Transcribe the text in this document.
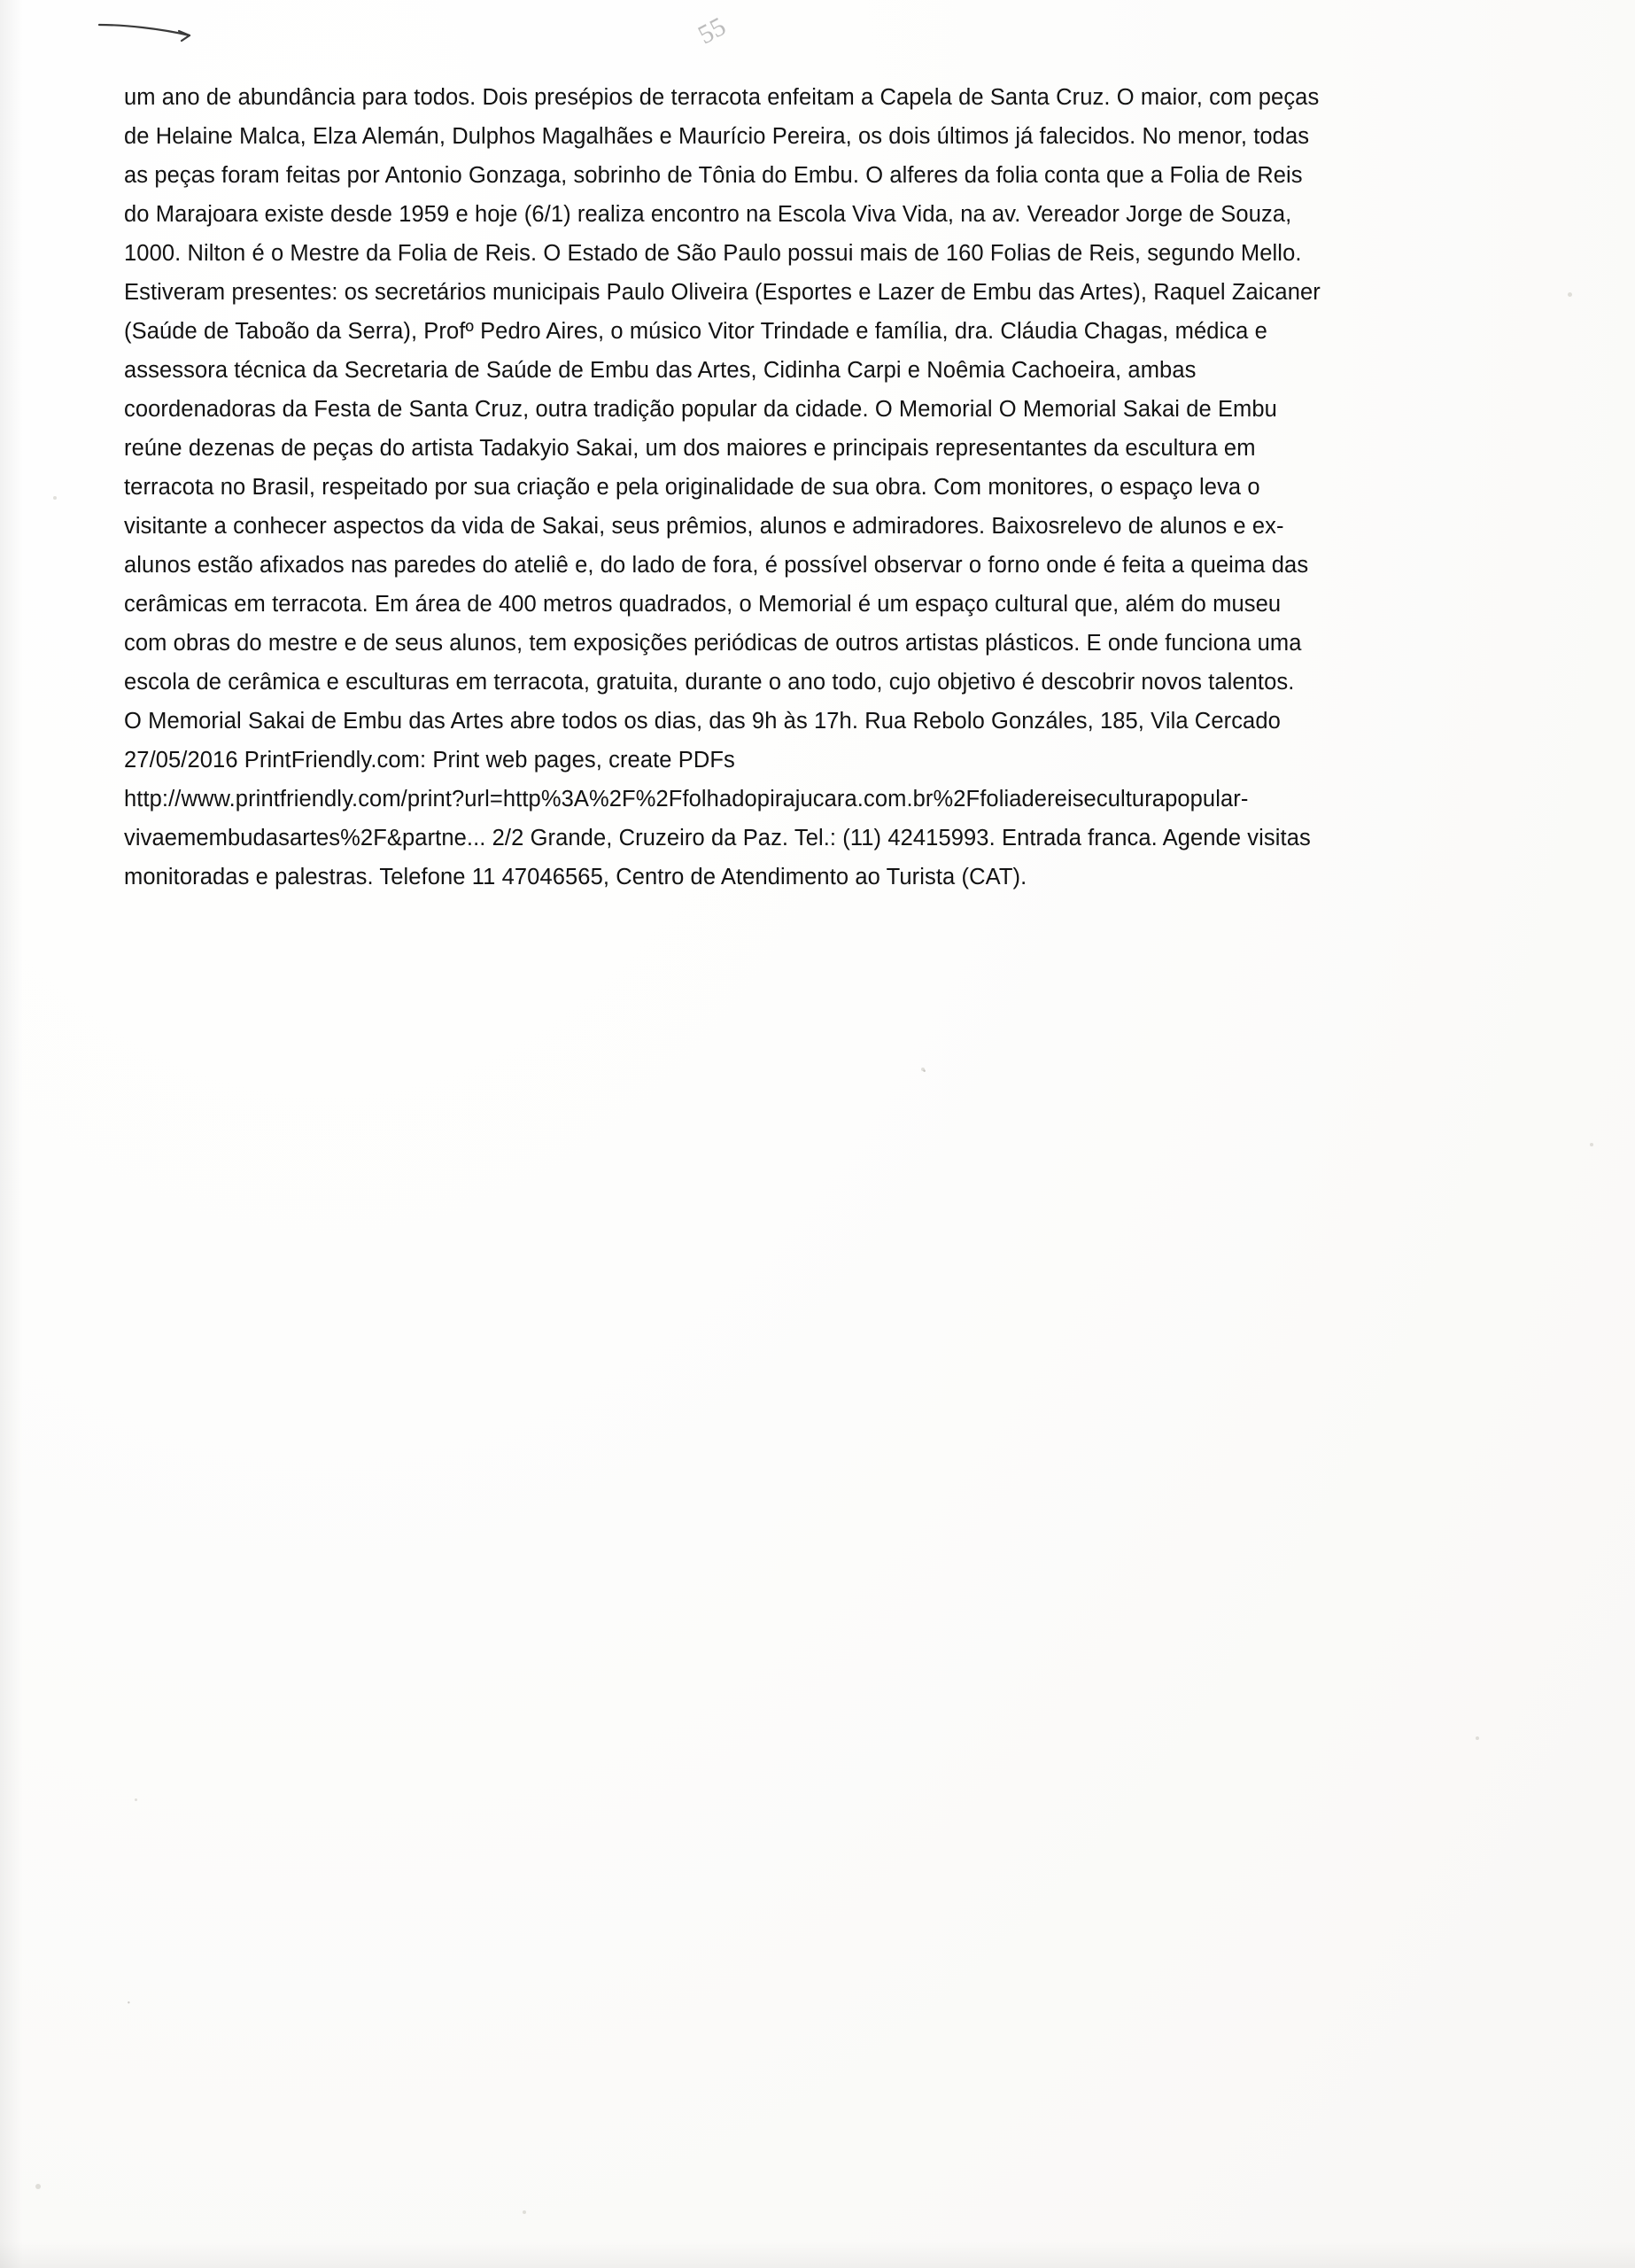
55

um ano de abundância para todos. Dois presépios de terracota enfeitam a Capela de Santa Cruz. O maior, com peças
de Helaine Malca, Elza Alemán, Dulphos Magalhães e Maurício Pereira, os dois últimos já falecidos. No menor, todas
as peças foram feitas por Antonio Gonzaga, sobrinho de Tônia do Embu. O alferes da folia conta que a Folia de Reis
do Marajoara existe desde 1959 e hoje (6/1) realiza encontro na Escola Viva Vida, na av. Vereador Jorge de Souza,
1000. Nilton é o Mestre da Folia de Reis. O Estado de São Paulo possui mais de 160 Folias de Reis, segundo Mello.
Estiveram presentes: os secretários municipais Paulo Oliveira (Esportes e Lazer de Embu das Artes), Raquel Zaicaner
(Saúde de Taboão da Serra), Profº Pedro Aires, o músico Vitor Trindade e família, dra. Cláudia Chagas, médica e
assessora técnica da Secretaria de Saúde de Embu das Artes, Cidinha Carpi e Noêmia Cachoeira, ambas
coordenadoras da Festa de Santa Cruz, outra tradição popular da cidade. O Memorial O Memorial Sakai de Embu
reúne dezenas de peças do artista Tadakyio Sakai, um dos maiores e principais representantes da escultura em
terracota no Brasil, respeitado por sua criação e pela originalidade de sua obra. Com monitores, o espaço leva o
visitante a conhecer aspectos da vida de Sakai, seus prêmios, alunos e admiradores. Baixosrelevo de alunos e ex-
alunos estão afixados nas paredes do ateliê e, do lado de fora, é possível observar o forno onde é feita a queima das
cerâmicas em terracota. Em área de 400 metros quadrados, o Memorial é um espaço cultural que, além do museu
com obras do mestre e de seus alunos, tem exposições periódicas de outros artistas plásticos. E onde funciona uma
escola de cerâmica e esculturas em terracota, gratuita, durante o ano todo, cujo objetivo é descobrir novos talentos.
O Memorial Sakai de Embu das Artes abre todos os dias, das 9h às 17h. Rua Rebolo Gonzáles, 185, Vila Cercado
27/05/2016 PrintFriendly.com: Print web pages, create PDFs
http://www.printfriendly.com/print?url=http%3A%2F%2Ffolhadopirajucara.com.br%2Ffoliadereiseculturapopular-
vivaemembudasartes%2F&partne... 2/2 Grande, Cruzeiro da Paz. Tel.: (11) 42415993. Entrada franca. Agende visitas
monitoradas e palestras. Telefone 11 47046565, Centro de Atendimento ao Turista (CAT).

·
·
